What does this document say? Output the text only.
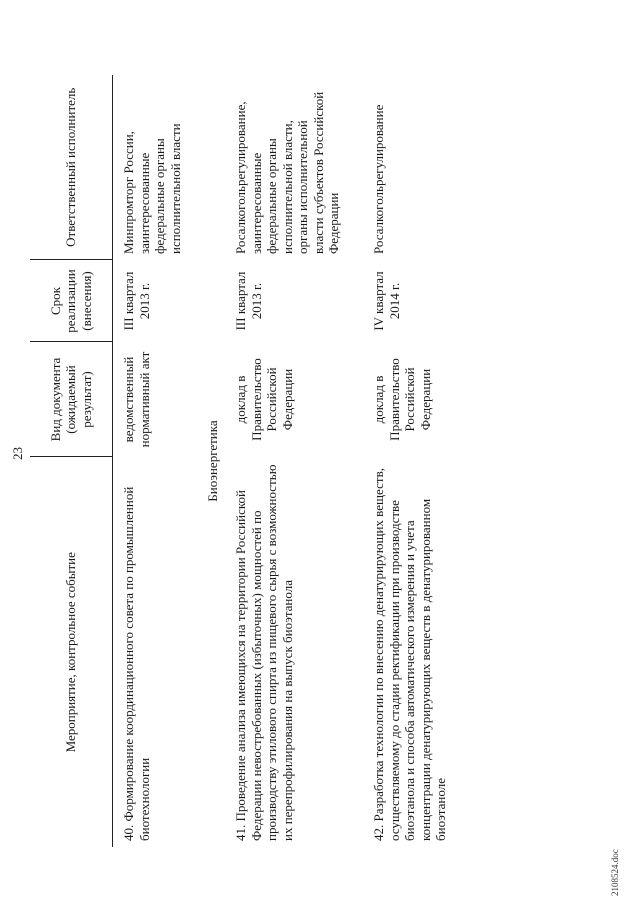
23
Мероприятие, контрольное событие	Вид документа (ожидаемый результат)	Срок реализации (внесения)	Ответственный исполнитель
40. Формирование координационного совета по промышленной биотехнологии	ведомственный нормативный акт	III квартал 2013 г.	Минпромторг России, заинтересованные федеральные органы исполнительной власти
Биоэнергетика			
41. Проведение анализа имеющихся на территории Российской Федерации невостребованных (избыточных) мощностей по производству этилового спирта из пищевого сырья с возможностью их перепрофилирования на выпуск биоэтанола	доклад в Правительство Российской Федерации	III квартал 2013 г.	Росалкогольрегулирование, заинтересованные федеральные органы исполнительной власти, органы исполнительной власти субъектов Российской Федерации
42. Разработка технологии по внесению денатурирующих веществ, осуществляемому до стадии ректификации при производстве биоэтанола и способа автоматического измерения и учета концентрации денатурирующих веществ в денатурированном биоэтаноле	доклад в Правительство Российской Федерации	IV квартал 2014 г.	Росалкогольрегулирование
2108524.doc
